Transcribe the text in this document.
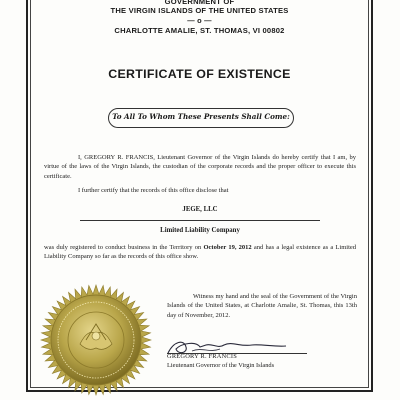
GOVERNMENT OF
THE VIRGIN ISLANDS OF THE UNITED STATES
— o —
CHARLOTTE AMALIE, ST. THOMAS, VI 00802
CERTIFICATE OF EXISTENCE
To All To Whom These Presents Shall Come:
I, GREGORY R. FRANCIS, Lieutenant Governor of the Virgin Islands do hereby certify that I am, by virtue of the laws of the Virgin Islands, the custodian of the corporate records and the proper officer to execute this certificate.
I further certify that the records of this office disclose that
JEGE, LLC
Limited Liability Company
was duly registered to conduct business in the Territory on October 19, 2012 and has a legal existence as a Limited Liability Company so far as the records of this office show.
Witness my hand and the seal of the Government of the Virgin Islands of the United States, at Charlotte Amalie, St. Thomas, this 13th day of November, 2012.
GREGORY R. FRANCIS
Lieutenant Governor of the Virgin Islands
